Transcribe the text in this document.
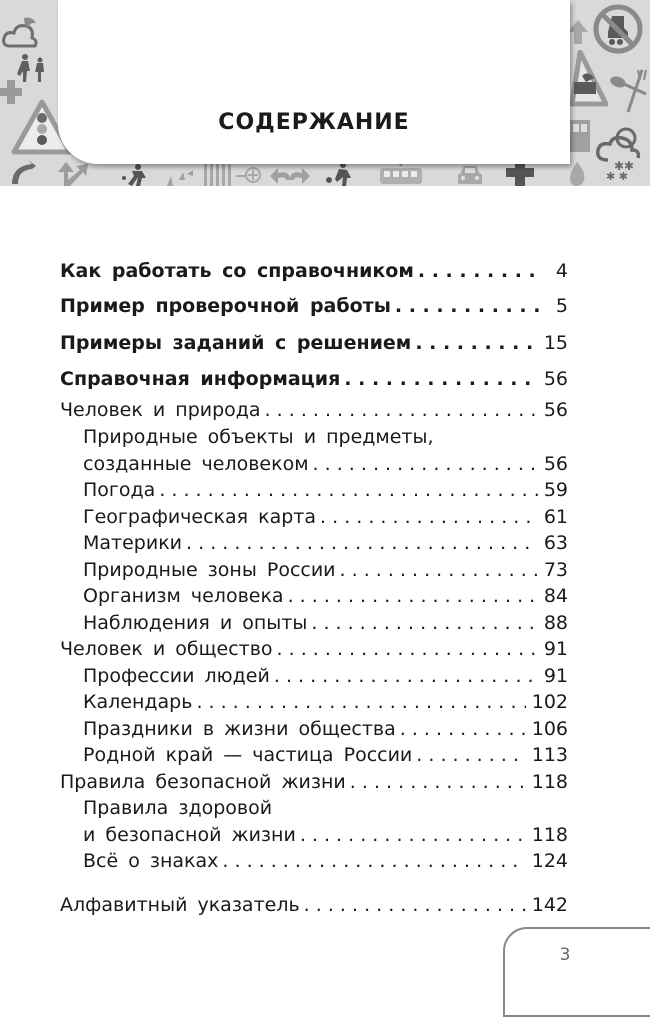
✱✱
✱ ✱
СОДЕРЖАНИЕ
Как работать со справочником . . .	4
Пример проверочной работы . . .	5
Примеры заданий с решением . . .	15
Справочная информация . . .	56
Человек и природа . . .	56
Природные объекты и предметы,
созданные человеком . . .	56
Погода . . .	59
Географическая карта . . .	61
Материки . . .	63
Природные зоны России . . .	73
Организм человека . . .	84
Наблюдения и опыты . . .	88
Человек и общество . . .	91
Профессии людей . . .	91
Календарь . . .	102
Праздники в жизни общества . . .	106
Родной край — частица России . . .	113
Правила безопасной жизни . . .	118
Правила здоровой
и безопасной жизни . . .	118
Всё о знаках . . .	124
Алфавитный указатель . . .	142
3
